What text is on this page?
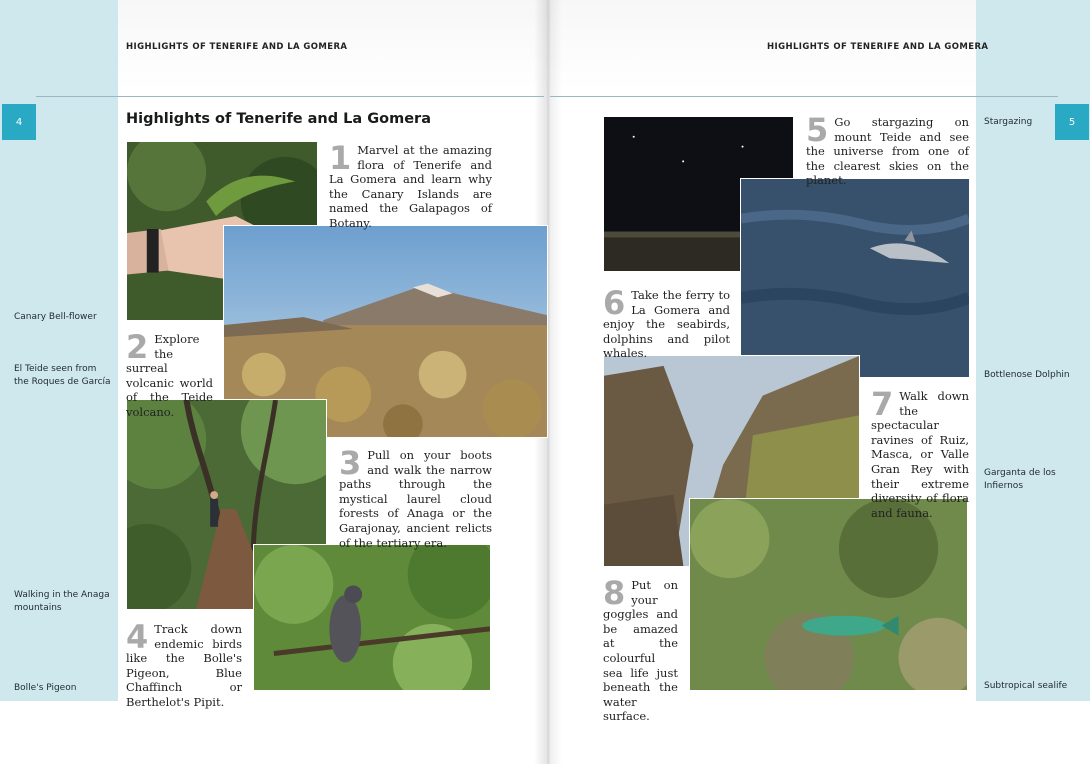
HIGHLIGHTS OF TENERIFE AND LA GOMERA	HIGHLIGHTS OF TENERIFE AND LA GOMERA
4	5
Highlights of Tenerife and La Gomera
1 Marvel at the amazing flora of Tenerife and La Gomera and learn why the Canary Islands are named the Galapagos of Botany.
2 Explore the surreal volcanic world of the Teide volcano.
3 Pull on your boots and walk the narrow paths through the mystical laurel cloud forests of Anaga or the Garajonay, ancient relicts of the tertiary era.
4 Track down endemic birds like the Bolle's Pigeon, Blue Chaffinch or Berthelot's Pipit.
5 Go stargazing on mount Teide and see the universe from one of the clearest skies on the planet.
6 Take the ferry to La Gomera and enjoy the seabirds, dolphins and pilot whales.
7 Walk down the spectacular ravines of Ruiz, Masca, or Valle Gran Rey with their extreme diversity of flora and fauna.
8 Put on your goggles and be amazed at the colourful sea life just beneath the water surface.
Canary Bell-flower
El Teide seen from the Roques de García
Walking in the Anaga mountains
Bolle's Pigeon
Stargazing
Bottlenose Dolphin
Garganta de los Infiernos
Subtropical sealife
